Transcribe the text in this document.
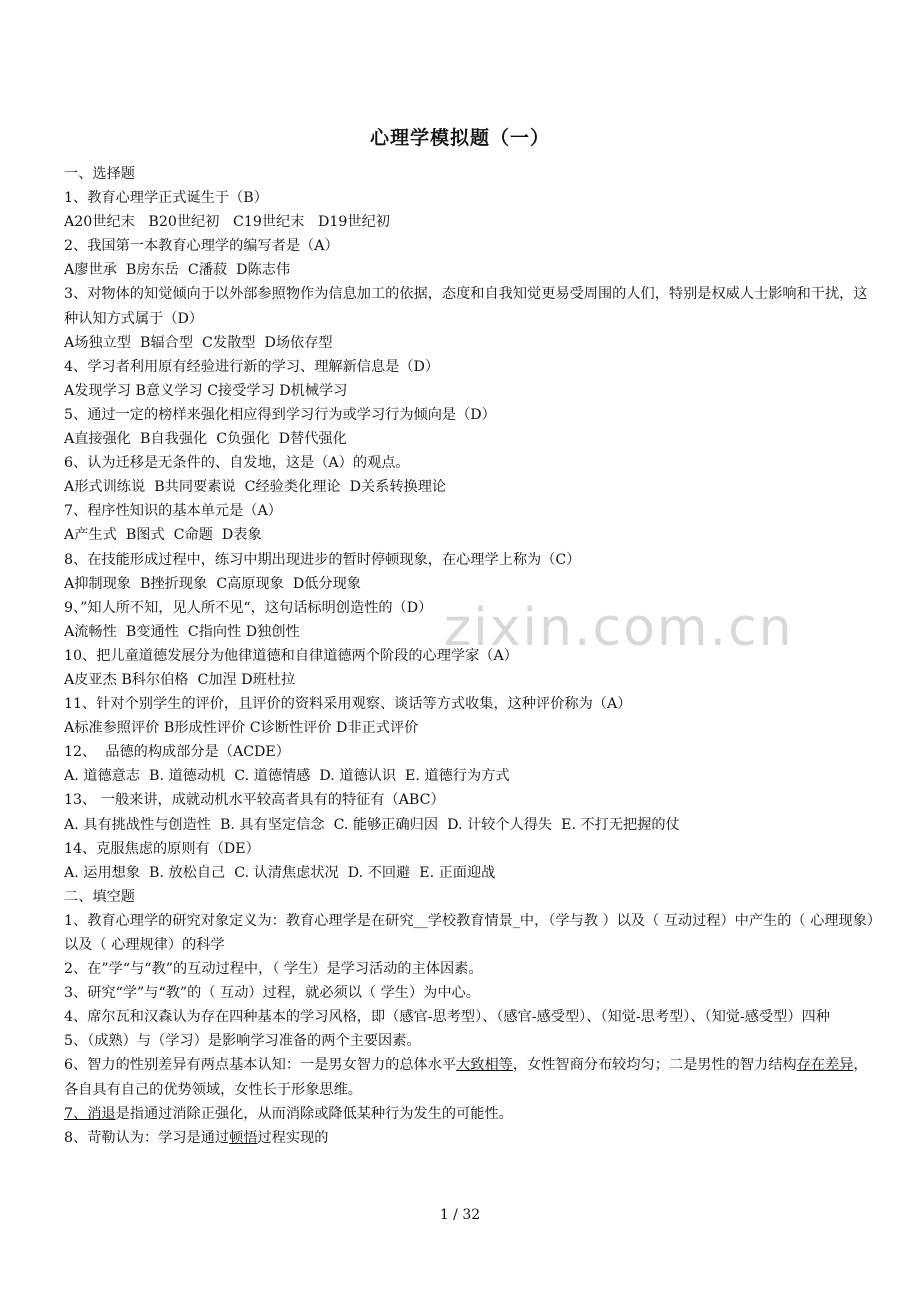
心理学模拟题（一）
一、选择题
1、教育心理学正式诞生于（B）
A20世纪末   B20世纪初   C19世纪末   D19世纪初
2、我国第一本教育心理学的编写者是（A）
A廖世承  B房东岳  C潘菽  D陈志伟
3、对物体的知觉倾向于以外部参照物作为信息加工的依据，态度和自我知觉更易受周围的人们，特别是权威人士影响和干扰，这种认知方式属于（D）
A场独立型  B辐合型  C发散型  D场依存型
4、学习者利用原有经验进行新的学习、理解新信息是（D）
A发现学习 B意义学习 C接受学习 D机械学习
5、通过一定的榜样来强化相应得到学习行为或学习行为倾向是（D）
A直接强化  B自我强化  C负强化  D替代强化
6、认为迁移是无条件的、自发地，这是（A）的观点。
A形式训练说  B共同要素说  C经验类化理论  D关系转换理论
7、程序性知识的基本单元是（A）
A产生式  B图式  C命题  D表象
8、在技能形成过程中，练习中期出现进步的暂时停顿现象，在心理学上称为（C）
A抑制现象  B挫折现象  C高原现象  D低分现象
9、”知人所不知，见人所不见“，这句话标明创造性的（D）
A流畅性  B变通性  C指向性 D独创性
10、把儿童道德发展分为他律道德和自律道德两个阶段的心理学家（A）
A皮亚杰 B科尔伯格  C加涅 D班杜拉
11、针对个别学生的评价，且评价的资料采用观察、谈话等方式收集，这种评价称为（A）
A标准参照评价 B形成性评价 C诊断性评价 D非正式评价
12、  品德的构成部分是（ACDE）
A. 道德意志  B. 道德动机  C. 道德情感  D. 道德认识  E. 道德行为方式
13、 一般来讲，成就动机水平较高者具有的特征有（ABC）
A. 具有挑战性与创造性  B. 具有坚定信念  C. 能够正确归因  D. 计较个人得失  E. 不打无把握的仗
14、克服焦虑的原则有（DE）
A. 运用想象  B. 放松自己  C. 认清焦虑状况  D. 不回避  E. 正面迎战
二、填空题
1、教育心理学的研究对象定义为：教育心理学是在研究__学校教育情景_中，（学与教 ）以及（ 互动过程）中产生的（ 心理现象）以及（ 心理规律）的科学
2、在”学“与“教”的互动过程中，（ 学生）是学习活动的主体因素。
3、研究“学”与“教”的（ 互动）过程，就必须以（ 学生）为中心。
4、席尔瓦和汉森认为存在四种基本的学习风格，即（感官-思考型）、（感官-感受型）、（知觉-思考型）、（知觉-感受型）四种
5、（成熟）与（学习）是影响学习准备的两个主要因素。
6、智力的性别差异有两点基本认知：一是男女智力的总体水平大致相等，女性智商分布较均匀；二是男性的智力结构存在差异，各自具有自己的优势领域，女性长于形象思维。
7、消退是指通过消除正强化，从而消除或降低某种行为发生的可能性。
8、苛勒认为：学习是通过顿悟过程实现的
zixin.com.cn
1 / 32
